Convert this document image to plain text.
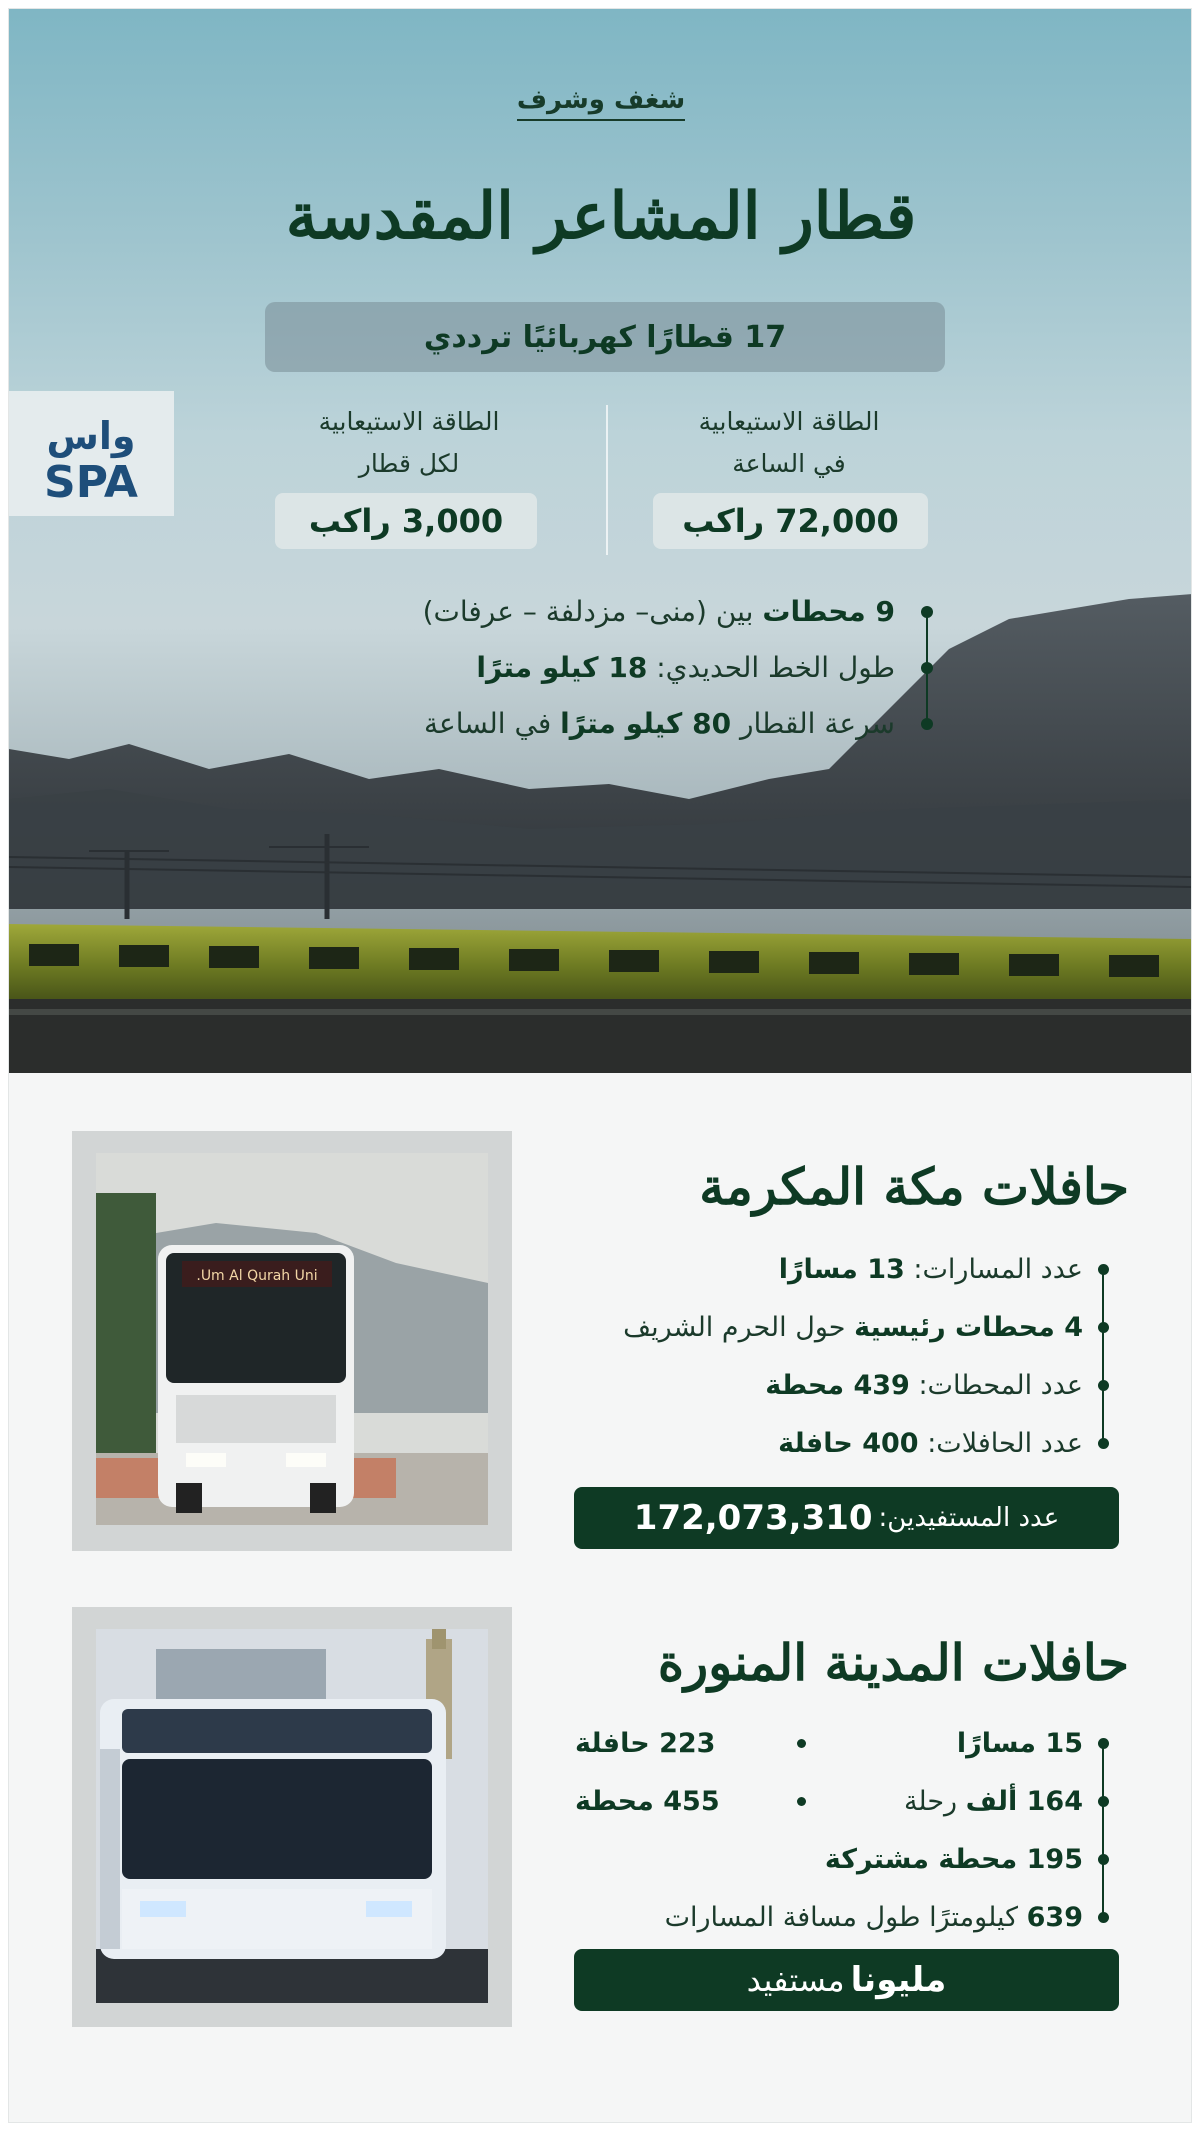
شغف وشرف
قطار المشاعر المقدسة
17 قطارًا كهربائيًا ترددي
واس
SPA
الطاقة الاستيعابية
في الساعة
الطاقة الاستيعابية
لكل قطار
72,000 راكب
3,000 راكب
9 محطات بين (منى– مزدلفة – عرفات)
طول الخط الحديدي: 18 كيلو مترًا
سرعة القطار 80 كيلو مترًا في الساعة
Um Al Qurah Uni.
حافلات مكة المكرمة
عدد المسارات: 13 مسارًا
4 محطات رئيسية حول الحرم الشريف
عدد المحطات: 439 محطة
عدد الحافلات: 400 حافلة
عدد المستفيدين:
172,073,310
حافلات المدينة المنورة
15 مسارًا
223 حافلة
164 ألف رحلة
455 محطة
195 محطة مشتركة
639 كيلومترًا طول مسافة المسارات
مليونا
مستفيد
